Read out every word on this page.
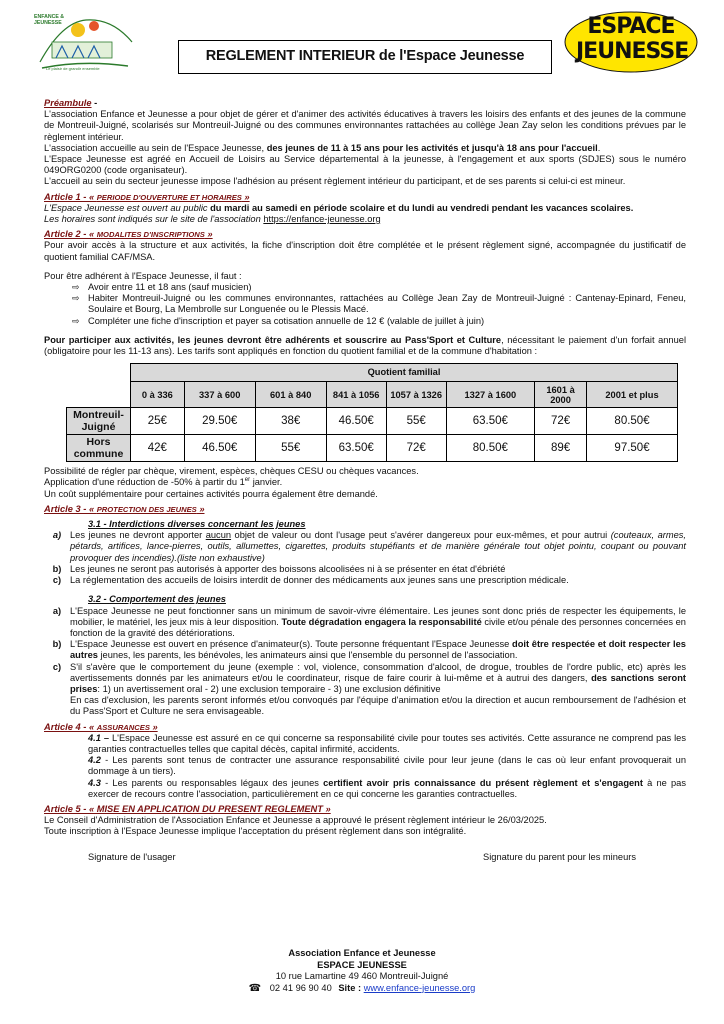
ENFANCE & JEUNESSE
Le plaisir de grandir ensemble
REGLEMENT INTERIEUR de l'Espace Jeunesse
ESPACE
JEUNESSE

Préambule -

L'association Enfance et Jeunesse a pour objet de gérer et d'animer des activités éducatives à travers les loisirs des enfants et des jeunes de la commune de Montreuil-Juigné, scolarisés sur Montreuil-Juigné ou des communes environnantes rattachées au collège Jean Zay selon les conditions prévues par le règlement intérieur.

L'association accueille au sein de l'Espace Jeunesse, des jeunes de 11 à 15 ans pour les activités et jusqu'à 18 ans pour l'accueil.

L'Espace Jeunesse est agréé en Accueil de Loisirs au Service départemental à la jeunesse, à l'engagement et aux sports (SDJES) sous le numéro 049ORG0200 (code organisateur).

L'accueil au sein du secteur jeunesse impose l'adhésion au présent règlement intérieur du participant, et de ses parents si celui-ci est mineur.

Article 1 - « PERIODE D'OUVERTURE ET HORAIRES »

L'Espace Jeunesse est ouvert au public du mardi au samedi en période scolaire et du lundi au vendredi pendant les vacances scolaires.

Les horaires sont indiqués sur le site de l'association https://enfance-jeunesse.org

Article 2 - « MODALITES D'INSCRIPTIONS »

Pour avoir accès à la structure et aux activités, la fiche d'inscription doit être complétée et le présent règlement signé, accompagnée du justificatif de quotient familial CAF/MSA.

Pour être adhérent à l'Espace Jeunesse, il faut :

⇨ Avoir entre 11 et 18 ans (sauf musicien)
⇨ Habiter Montreuil-Juigné ou les communes environnantes, rattachées au Collège Jean Zay de Montreuil-Juigné : Cantenay-Epinard, Feneu, Soulaire et Bourg, La Membrolle sur Longuenée ou le Plessis Macé.
⇨ Compléter une fiche d'inscription et payer sa cotisation annuelle de 12 € (valable de juillet à juin)

Pour participer aux activités, les jeunes devront être adhérents et souscrire au Pass'Sport et Culture, nécessitant le paiement d'un forfait annuel (obligatoire pour les 11-13 ans). Les tarifs sont appliqués en fonction du quotient familial et de la commune d'habitation :

	Quotient familial							
	0 à 336	337 à 600	601 à 840	841 à 1056	1057 à 1326	1327 à 1600	1601 à 2000	2001 et plus
Montreuil-Juigné	25€	29.50€	38€	46.50€	55€	63.50€	72€	80.50€
Hors commune	42€	46.50€	55€	63.50€	72€	80.50€	89€	97.50€

Possibilité de régler par chèque, virement, espèces, chèques CESU ou chèques vacances.

Application d'une réduction de -50% à partir du 1er janvier.

Un coût supplémentaire pour certaines activités pourra également être demandé.

Article 3 - « PROTECTION DES JEUNES »

3.1 - Interdictions diverses concernant les jeunes

a) Les jeunes ne devront apporter aucun objet de valeur ou dont l'usage peut s'avérer dangereux pour eux-mêmes, et pour autrui (couteaux, armes, pétards, artifices, lance-pierres, outils, allumettes, cigarettes, produits stupéfiants et de manière générale tout objet pointu, coupant ou pouvant provoquer des incendies).(liste non exhaustive)
b) Les jeunes ne seront pas autorisés à apporter des boissons alcoolisées ni à se présenter en état d'ébriété
c) La réglementation des accueils de loisirs interdit de donner des médicaments aux jeunes sans une prescription médicale.

3.2 - Comportement des jeunes

a) L'Espace Jeunesse ne peut fonctionner sans un minimum de savoir-vivre élémentaire. Les jeunes sont donc priés de respecter les équipements, le mobilier, le matériel, les jeux mis à leur disposition. Toute dégradation engagera la responsabilité civile et/ou pénale des personnes concernées en fonction de la gravité des détériorations.
b) L'Espace Jeunesse est ouvert en présence d'animateur(s). Toute personne fréquentant l'Espace Jeunesse doit être respectée et doit respecter les autres jeunes, les parents, les bénévoles, les animateurs ainsi que l'ensemble du personnel de l'association.
c) S'il s'avère que le comportement du jeune (exemple : vol, violence, consommation d'alcool, de drogue, troubles de l'ordre public, etc) après les avertissements donnés par les animateurs et/ou le coordinateur, risque de faire courir à lui-même et à autrui des dangers, des sanctions seront prises: 1) un avertissement oral - 2) une exclusion temporaire - 3) une exclusion définitive
En cas d'exclusion, les parents seront informés et/ou convoqués par l'équipe d'animation et/ou la direction et aucun remboursement de l'adhésion et du Pass'Sport et Culture ne sera envisageable.

Article 4 - « ASSURANCES »

4.1 – L'Espace Jeunesse est assuré en ce qui concerne sa responsabilité civile pour toutes ses activités. Cette assurance ne comprend pas les garanties contractuelles telles que capital décès, capital infirmité, accidents.

4.2 - Les parents sont tenus de contracter une assurance responsabilité civile pour leur jeune (dans le cas où leur enfant provoquerait un dommage à un tiers).

4.3 - Les parents ou responsables légaux des jeunes certifient avoir pris connaissance du présent règlement et s'engagent à ne pas exercer de recours contre l'association, particulièrement en ce qui concerne les garanties contractuelles.

Article 5 - « MISE EN APPLICATION DU PRESENT REGLEMENT »

Le Conseil d'Administration de l'Association Enfance et Jeunesse a approuvé le présent règlement intérieur le 26/03/2025.

Toute inscription à l'Espace Jeunesse implique l'acceptation du présent règlement dans son intégralité.

Signature de l'usager	Signature du parent pour les mineurs

Association Enfance et Jeunesse

ESPACE JEUNESSE

10 rue Lamartine 49 460 Montreuil-Juigné

☎ 02 41 96 90 40 Site : www.enfance-jeunesse.org
